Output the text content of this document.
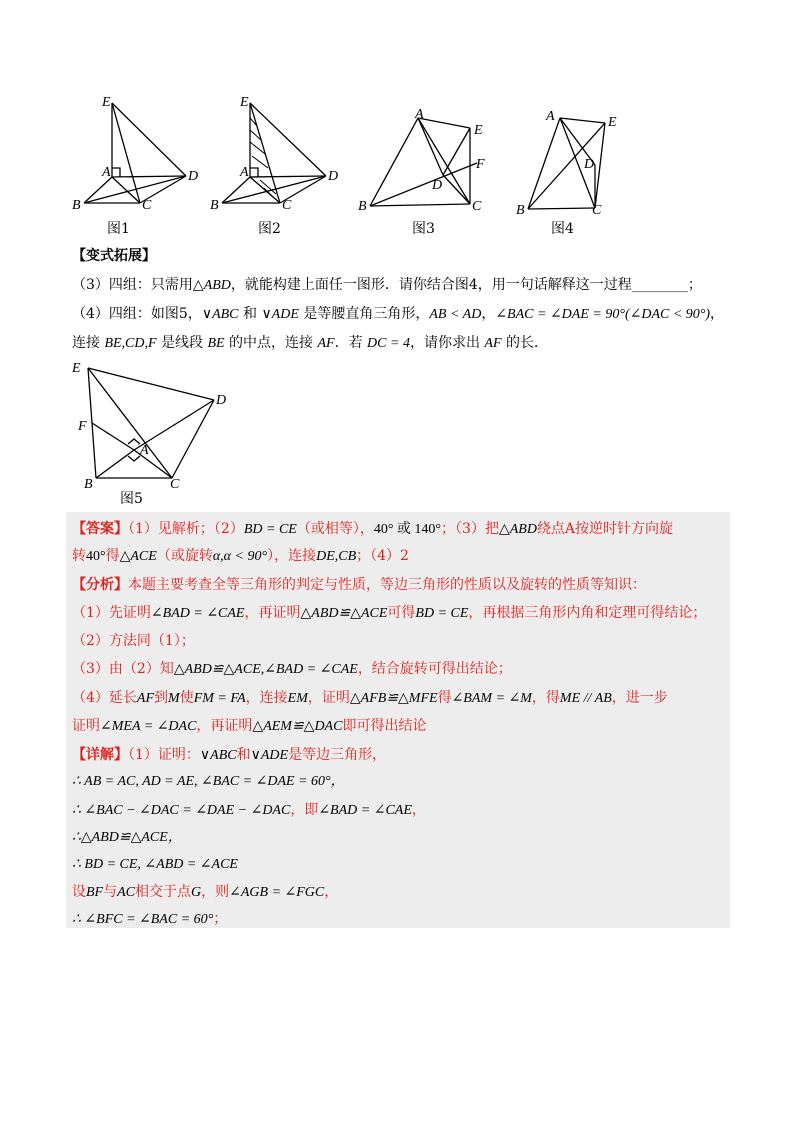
E
A	D
B	C
E
A	D
B	C
A
E
F
D
B	C
A	E
D
B	C
图1	图2	图3	图4
【变式拓展】
（3）四组：只需用△ABD，就能构建上面任一图形．请你结合图4，用一句话解释这一过程________；
（4）四组：如图5，∨ABC 和 ∨ADE 是等腰直角三角形，AB < AD，∠BAC = ∠DAE = 90°(∠DAC < 90°)，
连接 BE,CD,F 是线段 BE 的中点，连接 AF．若 DC = 4，请你求出 AF 的长．
E
D
F
A
B	C
图5
【答案】（1）见解析；（2）BD = CE（或相等），40° 或 140°；（3）把△ABD绕点A按逆时针方向旋
转40°得△ACE（或旋转α,α < 90°），连接DE,CB；（4）2
【分析】本题主要考查全等三角形的判定与性质，等边三角形的性质以及旋转的性质等知识：
（1）先证明∠BAD = ∠CAE，再证明△ABD≌△ACE可得BD = CE，再根据三角形内角和定理可得结论；
（2）方法同（1）；
（3）由（2）知△ABD≌△ACE,∠BAD = ∠CAE，结合旋转可得出结论；
（4）延长AF到M使FM = FA，连接EM，证明△AFB≌△MFE得∠BAM = ∠M，得ME // AB，进一步
证明∠MEA = ∠DAC，再证明△AEM≌△DAC即可得出结论
【详解】（1）证明：∨ABC和∨ADE是等边三角形，
∴ AB = AC, AD = AE, ∠BAC = ∠DAE = 60°，
∴ ∠BAC − ∠DAC = ∠DAE − ∠DAC，即∠BAD = ∠CAE，
∴△ABD≌△ACE，
∴ BD = CE, ∠ABD = ∠ACE
设BF与AC相交于点G，则∠AGB = ∠FGC，
∴ ∠BFC = ∠BAC = 60°；
